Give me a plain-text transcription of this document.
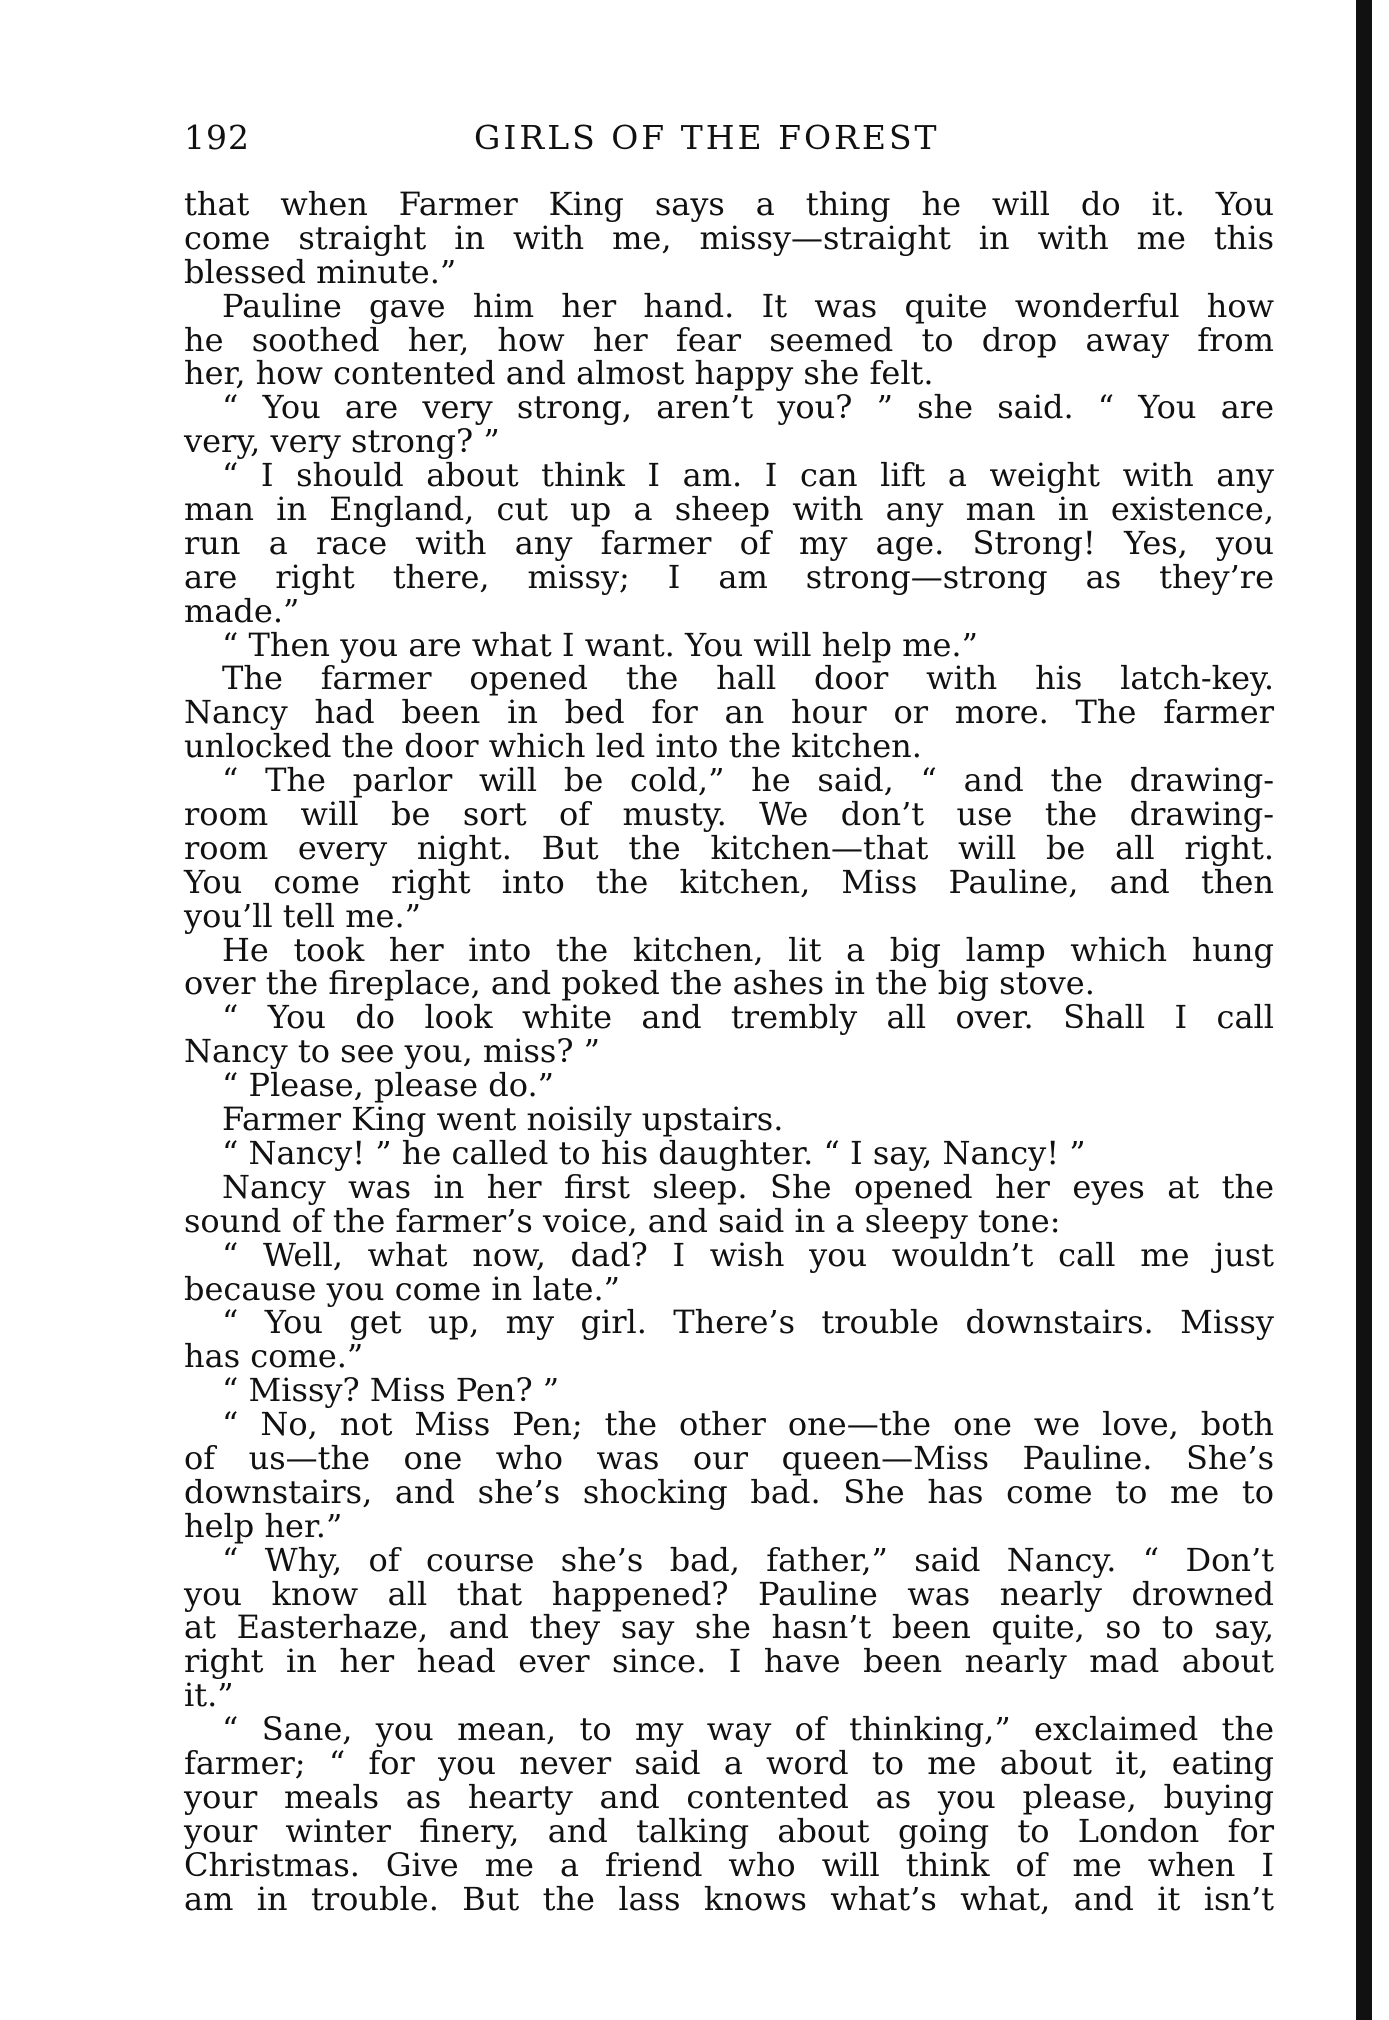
192	GIRLS OF THE FOREST
that when Farmer King says a thing he will do it. You
come straight in with me, missy—straight in with me this
blessed minute.”
Pauline gave him her hand. It was quite wonderful how
he soothed her, how her fear seemed to drop away from
her, how contented and almost happy she felt.
“ You are very strong, aren’t you? ” she said. “ You are
very, very strong? ”
“ I should about think I am. I can lift a weight with any
man in England, cut up a sheep with any man in existence,
run a race with any farmer of my age. Strong! Yes, you
are right there, missy; I am strong—strong as they’re
made.”
“ Then you are what I want. You will help me.”
The farmer opened the hall door with his latch-key.
Nancy had been in bed for an hour or more. The farmer
unlocked the door which led into the kitchen.
“ The parlor will be cold,” he said, “ and the drawing-
room will be sort of musty. We don’t use the drawing-
room every night. But the kitchen—that will be all right.
You come right into the kitchen, Miss Pauline, and then
you’ll tell me.”
He took her into the kitchen, lit a big lamp which hung
over the fireplace, and poked the ashes in the big stove.
“ You do look white and trembly all over. Shall I call
Nancy to see you, miss? ”
“ Please, please do.”
Farmer King went noisily upstairs.
“ Nancy! ” he called to his daughter. “ I say, Nancy! ”
Nancy was in her first sleep. She opened her eyes at the
sound of the farmer’s voice, and said in a sleepy tone:
“ Well, what now, dad? I wish you wouldn’t call me just
because you come in late.”
“ You get up, my girl. There’s trouble downstairs. Missy
has come.”
“ Missy? Miss Pen? ”
“ No, not Miss Pen; the other one—the one we love, both
of us—the one who was our queen—Miss Pauline. She’s
downstairs, and she’s shocking bad. She has come to me to
help her.”
“ Why, of course she’s bad, father,” said Nancy. “ Don’t
you know all that happened? Pauline was nearly drowned
at Easterhaze, and they say she hasn’t been quite, so to say,
right in her head ever since. I have been nearly mad about
it.”
“ Sane, you mean, to my way of thinking,” exclaimed the
farmer; “ for you never said a word to me about it, eating
your meals as hearty and contented as you please, buying
your winter finery, and talking about going to London for
Christmas. Give me a friend who will think of me when I
am in trouble. But the lass knows what’s what, and it isn’t
